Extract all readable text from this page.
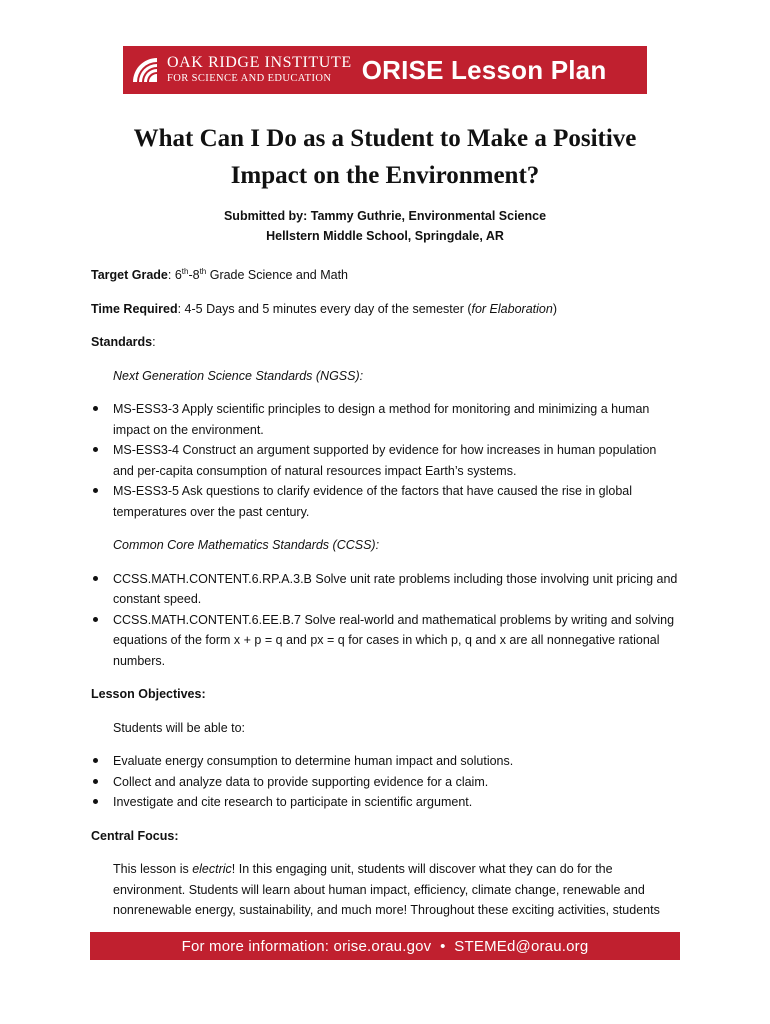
OAK RIDGE INSTITUTE
FOR SCIENCE AND EDUCATION	ORISE Lesson Plan
What Can I Do as a Student to Make a Positive
Impact on the Environment?
Submitted by: Tammy Guthrie, Environmental Science
Hellstern Middle School, Springdale, AR

Target Grade: 6th-8th Grade Science and Math

Time Required: 4-5 Days and 5 minutes every day of the semester (for Elaboration)

Standards:

Next Generation Science Standards (NGSS):

MS-ESS3-3 Apply scientific principles to design a method for monitoring and minimizing a human
impact on the environment.
MS-ESS3-4 Construct an argument supported by evidence for how increases in human population
and per-capita consumption of natural resources impact Earth’s systems.
MS-ESS3-5 Ask questions to clarify evidence of the factors that have caused the rise in global
temperatures over the past century.

Common Core Mathematics Standards (CCSS):

CCSS.MATH.CONTENT.6.RP.A.3.B Solve unit rate problems including those involving unit pricing and
constant speed.
CCSS.MATH.CONTENT.6.EE.B.7 Solve real-world and mathematical problems by writing and solving
equations of the form x + p = q and px = q for cases in which p, q and x are all nonnegative rational
numbers.

Lesson Objectives:

Students will be able to:

Evaluate energy consumption to determine human impact and solutions.
Collect and analyze data to provide supporting evidence for a claim.
Investigate and cite research to participate in scientific argument.

Central Focus:

This lesson is electric! In this engaging unit, students will discover what they can do for the
environment. Students will learn about human impact, efficiency, climate change, renewable and
nonrenewable energy, sustainability, and much more! Throughout these exciting activities, students

For more information: orise.orau.gov  •  STEMEd@orau.org
